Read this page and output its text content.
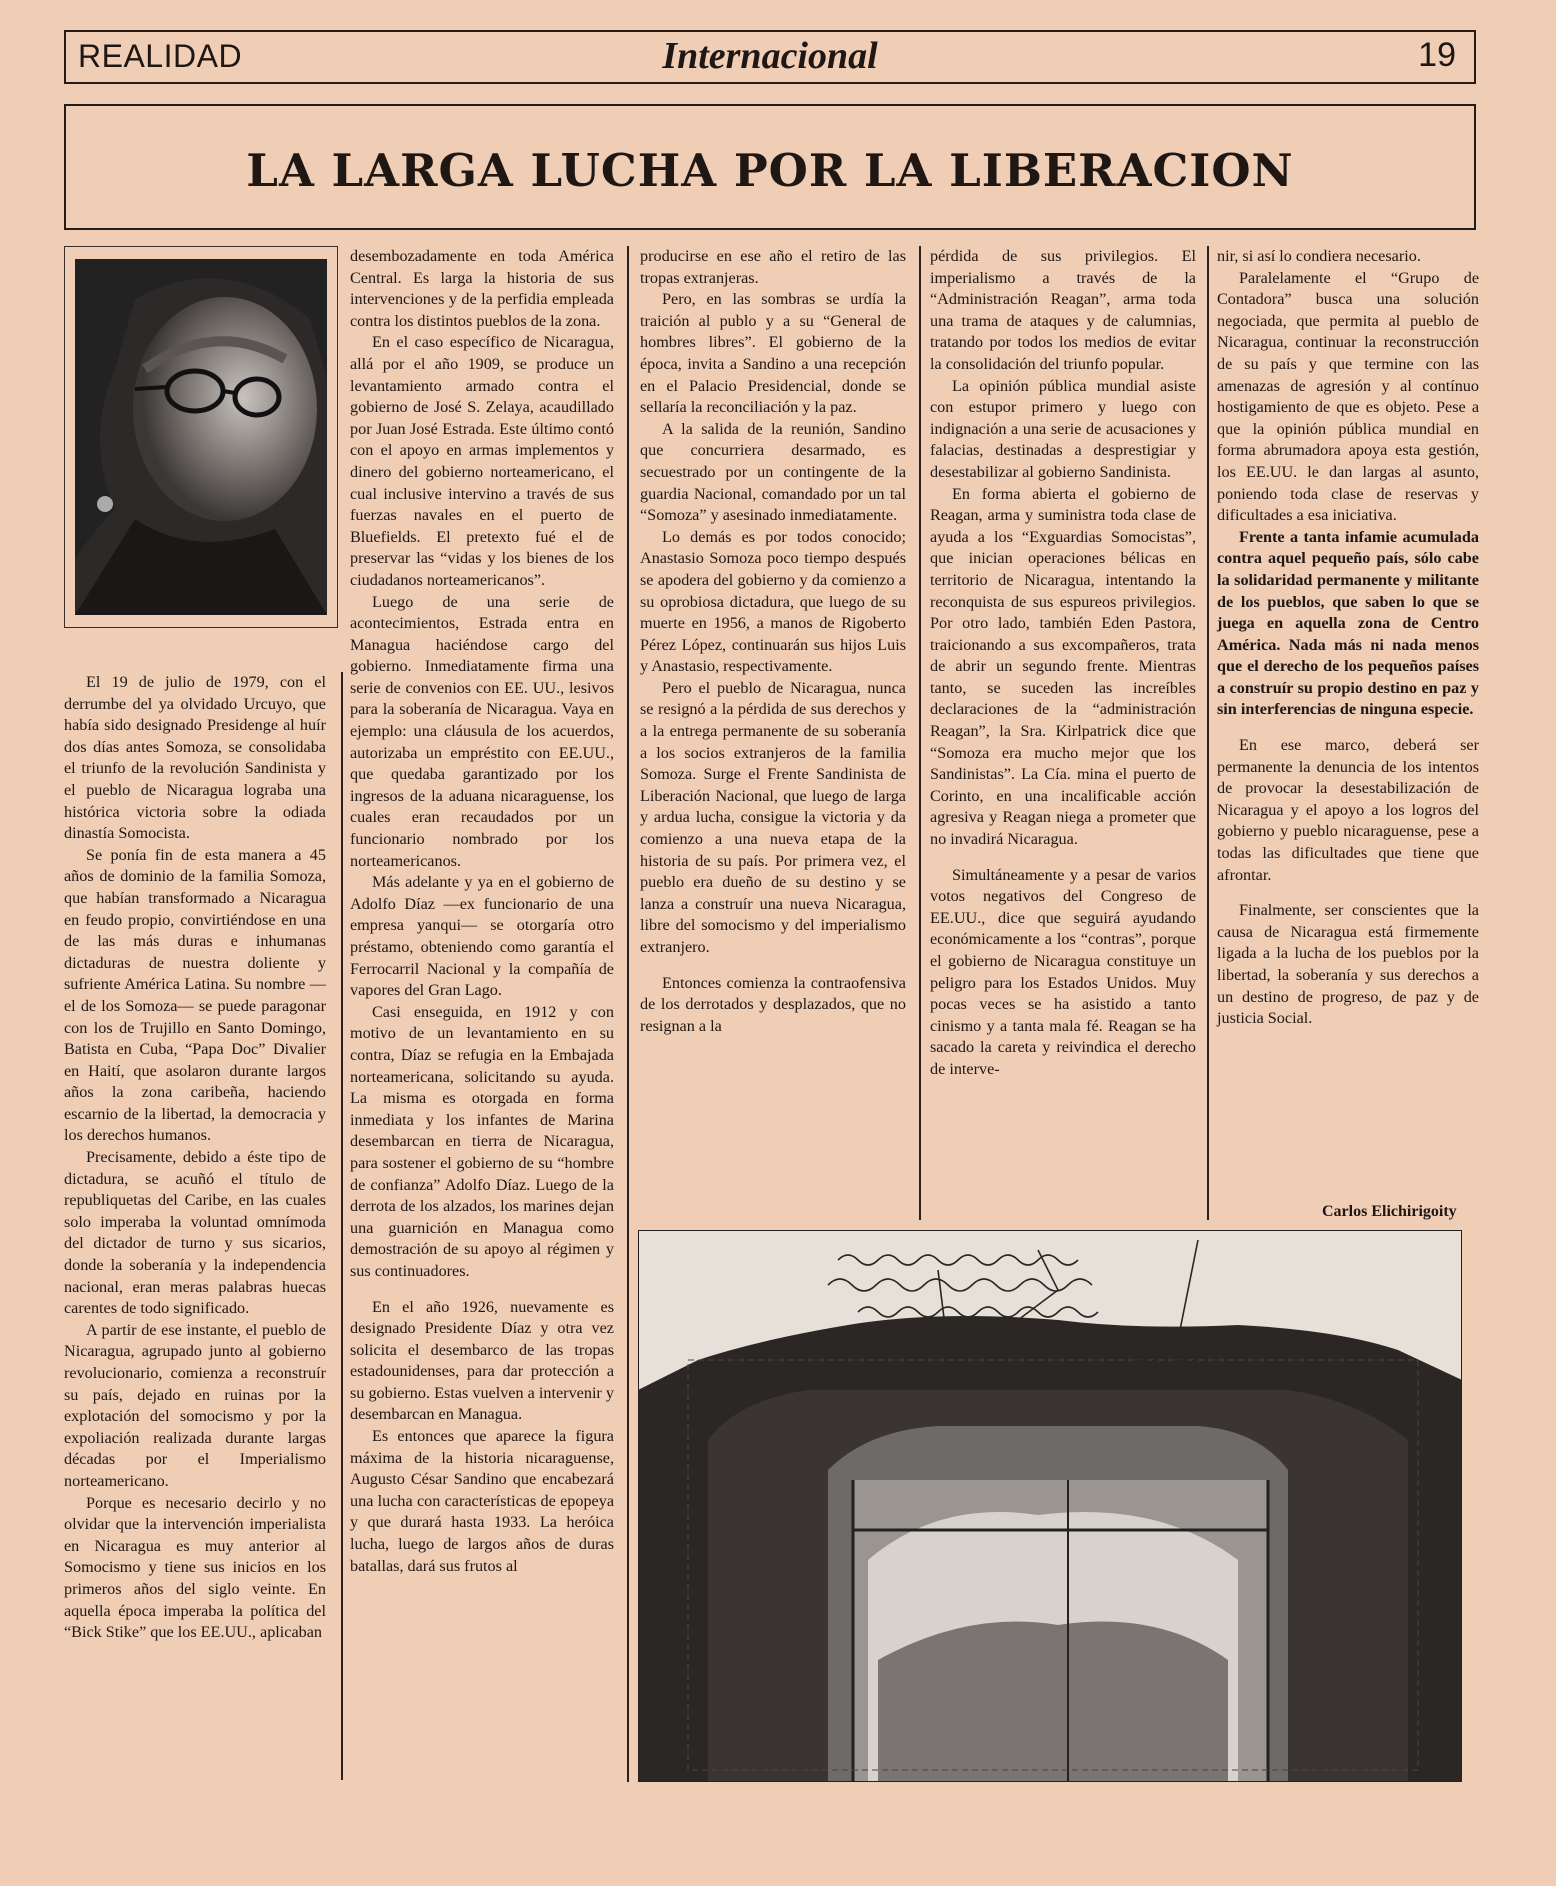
REALIDAD	Internacional	19
LA LARGA LUCHA POR LA LIBERACION

El 19 de julio de 1979, con el derrumbe del ya olvidado Urcuyo, que había sido designado Presidenge al huír dos días antes Somoza, se consolidaba el triunfo de la revolución Sandinista y el pueblo de Nicaragua lograba una histórica victoria sobre la odiada dinastía Somocista.

Se ponía fin de esta manera a 45 años de dominio de la familia Somoza, que habían transformado a Nicaragua en feudo propio, convirtiéndose en una de las más duras e inhumanas dictaduras de nuestra doliente y sufriente América Latina. Su nombre —el de los Somoza— se puede paragonar con los de Trujillo en Santo Domingo, Batista en Cuba, “Papa Doc” Divalier en Haití, que asolaron durante largos años la zona caribeña, haciendo escarnio de la libertad, la democracia y los derechos humanos.

Precisamente, debido a éste tipo de dictadura, se acuñó el título de republiquetas del Caribe, en las cuales solo imperaba la voluntad omnímoda del dictador de turno y sus sicarios, donde la soberanía y la independencia nacional, eran meras palabras huecas carentes de todo significado.

A partir de ese instante, el pueblo de Nicaragua, agrupado junto al gobierno revolucionario, comienza a reconstruír su país, dejado en ruinas por la explotación del somocismo y por la expoliación realizada durante largas décadas por el Imperialismo norteamericano.

Porque es necesario decirlo y no olvidar que la intervención imperialista en Nicaragua es muy anterior al Somocismo y tiene sus inicios en los primeros años del siglo veinte. En aquella época imperaba la política del “Bick Stike” que los EE.UU., aplicaban

desembozadamente en toda América Central. Es larga la historia de sus intervenciones y de la perfidia empleada contra los distintos pueblos de la zona.

En el caso específico de Nicaragua, allá por el año 1909, se produce un levantamiento armado contra el gobierno de José S. Zelaya, acaudillado por Juan José Estrada. Este último contó con el apoyo en armas implementos y dinero del gobierno norteamericano, el cual inclusive intervino a través de sus fuerzas navales en el puerto de Bluefields. El pretexto fué el de preservar las “vidas y los bienes de los ciudadanos norteamericanos”.

Luego de una serie de acontecimientos, Estrada entra en Managua haciéndose cargo del gobierno. Inmediatamente firma una serie de convenios con EE. UU., lesivos para la soberanía de Nicaragua. Vaya en ejemplo: una cláusula de los acuerdos, autorizaba un empréstito con EE.UU., que quedaba garantizado por los ingresos de la aduana nicaraguense, los cuales eran recaudados por un funcionario nombrado por los norteamericanos.

Más adelante y ya en el gobierno de Adolfo Díaz —ex funcionario de una empresa yanqui— se otorgaría otro préstamo, obteniendo como garantía el Ferrocarril Nacional y la compañía de vapores del Gran Lago.

Casi enseguida, en 1912 y con motivo de un levantamiento en su contra, Díaz se refugia en la Embajada norteamericana, solicitando su ayuda. La misma es otorgada en forma inmediata y los infantes de Marina desembarcan en tierra de Nicaragua, para sostener el gobierno de su “hombre de confianza” Adolfo Díaz. Luego de la derrota de los alzados, los marines dejan una guarnición en Managua como demostración de su apoyo al régimen y sus continuadores.

En el año 1926, nuevamente es designado Presidente Díaz y otra vez solicita el desembarco de las tropas estadounidenses, para dar protección a su gobierno. Estas vuelven a intervenir y desembarcan en Managua.

Es entonces que aparece la figura máxima de la historia nicaraguense, Augusto César Sandino que encabezará una lucha con características de epopeya y que durará hasta 1933. La heróica lucha, luego de largos años de duras batallas, dará sus frutos al

producirse en ese año el retiro de las tropas extranjeras.

Pero, en las sombras se urdía la traición al publo y a su “General de hombres libres”. El gobierno de la época, invita a Sandino a una recepción en el Palacio Presidencial, donde se sellaría la reconciliación y la paz.

A la salida de la reunión, Sandino que concurriera desarmado, es secuestrado por un contingente de la guardia Nacional, comandado por un tal “Somoza” y asesinado inmediatamente.

Lo demás es por todos conocido; Anastasio Somoza poco tiempo después se apodera del gobierno y da comienzo a su oprobiosa dictadura, que luego de su muerte en 1956, a manos de Rigoberto Pérez López, continuarán sus hijos Luis y Anastasio, respectivamente.

Pero el pueblo de Nicaragua, nunca se resignó a la pérdida de sus derechos y a la entrega permanente de su soberanía a los socios extranjeros de la familia Somoza. Surge el Frente Sandinista de Liberación Nacional, que luego de larga y ardua lucha, consigue la victoria y da comienzo a una nueva etapa de la historia de su país. Por primera vez, el pueblo era dueño de su destino y se lanza a construír una nueva Nicaragua, libre del somocismo y del imperialismo extranjero.

Entonces comienza la contraofensiva de los derrotados y desplazados, que no resignan a la

pérdida de sus privilegios. El imperialismo a través de la “Administración Reagan”, arma toda una trama de ataques y de calumnias, tratando por todos los medios de evitar la consolidación del triunfo popular.

La opinión pública mundial asiste con estupor primero y luego con indignación a una serie de acusaciones y falacias, destinadas a desprestigiar y desestabilizar al gobierno Sandinista.

En forma abierta el gobierno de Reagan, arma y suministra toda clase de ayuda a los “Exguardias Somocistas”, que inician operaciones bélicas en territorio de Nicaragua, intentando la reconquista de sus espureos privilegios. Por otro lado, también Eden Pastora, traicionando a sus excompañeros, trata de abrir un segundo frente. Mientras tanto, se suceden las increíbles declaraciones de la “administración Reagan”, la Sra. Kirlpatrick dice que “Somoza era mucho mejor que los Sandinistas”. La Cía. mina el puerto de Corinto, en una incalificable acción agresiva y Reagan niega a prometer que no invadirá Nicaragua.

Simultáneamente y a pesar de varios votos negativos del Congreso de EE.UU., dice que seguirá ayudando económicamente a los “contras”, porque el gobierno de Nicaragua constituye un peligro para los Estados Unidos. Muy pocas veces se ha asistido a tanto cinismo y a tanta mala fé. Reagan se ha sacado la careta y reivindica el derecho de interve-

nir, si así lo condiera necesario.

Paralelamente el “Grupo de Contadora” busca una solución negociada, que permita al pueblo de Nicaragua, continuar la reconstrucción de su país y que termine con las amenazas de agresión y al contínuo hostigamiento de que es objeto. Pese a que la opinión pública mundial en forma abrumadora apoya esta gestión, los EE.UU. le dan largas al asunto, poniendo toda clase de reservas y dificultades a esa iniciativa.

Frente a tanta infamie acumulada contra aquel pequeño país, sólo cabe la solidaridad permanente y militante de los pueblos, que saben lo que se juega en aquella zona de Centro América. Nada más ni nada menos que el derecho de los pequeños países a construír su propio destino en paz y sin interferencias de ninguna especie.

En ese marco, deberá ser permanente la denuncia de los intentos de provocar la desestabilización de Nicaragua y el apoyo a los logros del gobierno y pueblo nicaraguense, pese a todas las dificultades que tiene que afrontar.

Finalmente, ser conscientes que la causa de Nicaragua está firmemente ligada a la lucha de los pueblos por la libertad, la soberanía y sus derechos a un destino de progreso, de paz y de justicia Social.

Carlos Elichirigoity
